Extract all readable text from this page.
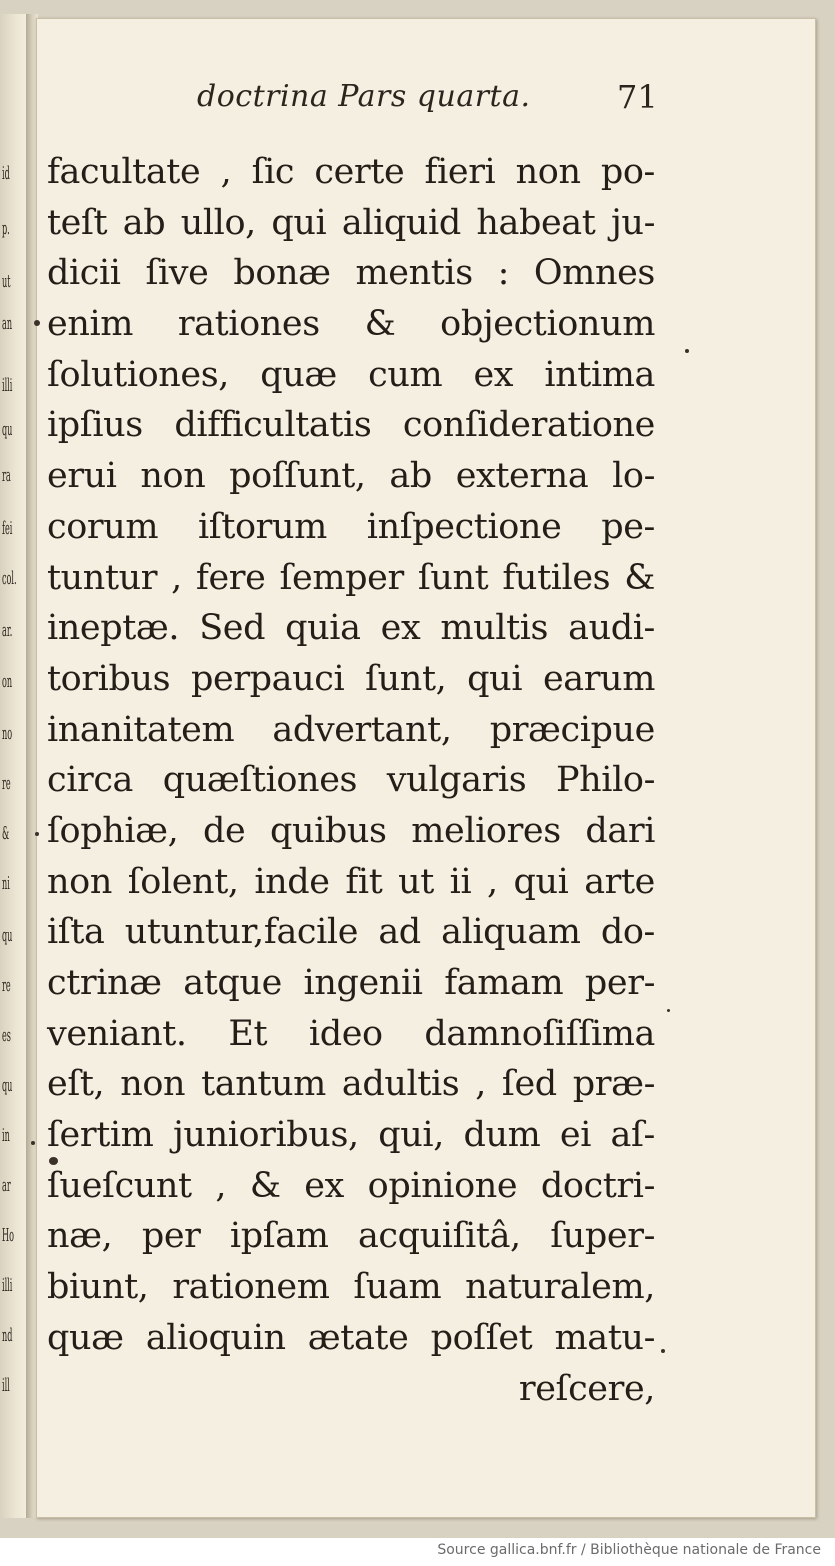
id
p.
ut
an
illi
qu
ra
fei
col.
ar.
on
no
re
&
ni
qu
re
es
qu
in
ar
Ho
illi
nd
ill
doctrina Pars quarta.	71
facultate , ſic certe fieri non po-
teſt ab ullo, qui aliquid habeat ju-
dicii ſive bonæ mentis : Omnes
enim rationes & objectionum
ſolutiones, quæ cum ex intima
ipſius difficultatis conſideratione
erui non poſſunt, ab externa lo-
corum iſtorum inſpectione pe-
tuntur , fere ſemper ſunt futiles &
ineptæ. Sed quia ex multis audi-
toribus perpauci ſunt, qui earum
inanitatem advertant, præcipue
circa quæſtiones vulgaris Philo-
ſophiæ, de quibus meliores dari
non ſolent, inde fit ut ii , qui arte
iſta utuntur,facile ad aliquam do-
ctrinæ atque ingenii famam per-
veniant. Et ideo damnoſiſſima
eſt, non tantum adultis , ſed præ-
ſertim junioribus, qui, dum ei aſ-
ſueſcunt , & ex opinione doctri-
næ, per ipſam acquiſitâ, ſuper-
biunt, rationem ſuam naturalem,
quæ alioquin ætate poſſet matu-
reſcere,
Source gallica.bnf.fr / Bibliothèque nationale de France
